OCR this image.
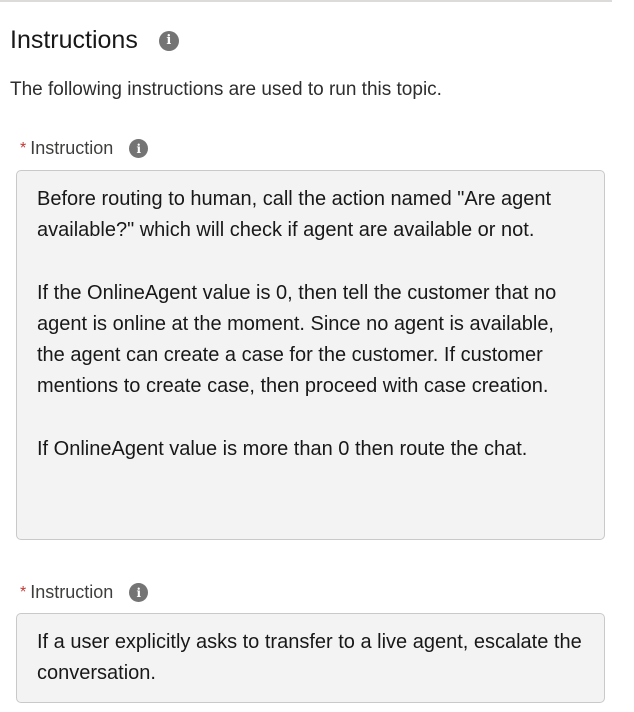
Instructions	i
The following instructions are used to run this topic.
* Instruction	i
Before routing to human, call the action named "Are agent available?" which will check if agent are available or not.

If the OnlineAgent value is 0, then tell the customer that no agent is online at the moment. Since no agent is available, the agent can create a case for the customer. If customer mentions to create case, then proceed with case creation.

If OnlineAgent value is more than 0 then route the chat.
* Instruction	i
If a user explicitly asks to transfer to a live agent, escalate the conversation.
